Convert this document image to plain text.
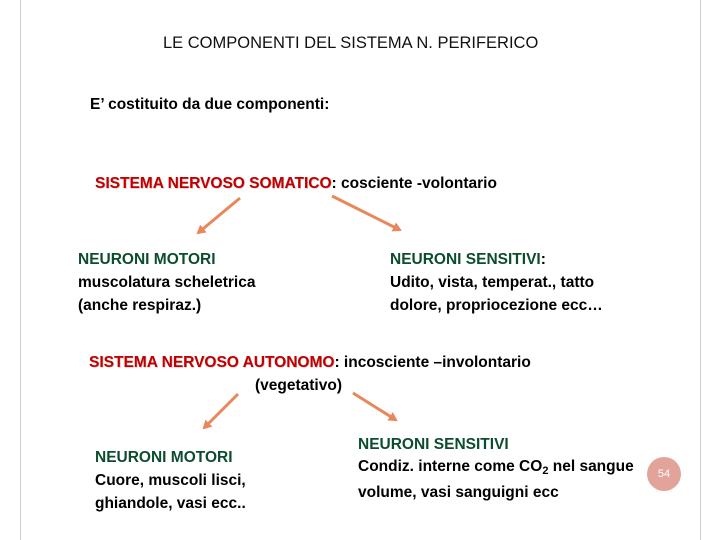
LE COMPONENTI DEL SISTEMA N. PERIFERICO
E’ costituito da due componenti:
SISTEMA NERVOSO SOMATICO: cosciente -volontario
NEURONI MOTORI
muscolatura scheletrica
(anche respiraz.)
NEURONI SENSITIVI:
Udito, vista, temperat., tatto
dolore, propriocezione ecc…
SISTEMA NERVOSO AUTONOMO: incosciente –involontario
(vegetativo)
NEURONI MOTORI
Cuore, muscoli lisci,
ghiandole, vasi ecc..
54
NEURONI SENSITIVI
Condiz. interne come $CO_2$ nel sangue
volume, vasi sanguigni ecc
